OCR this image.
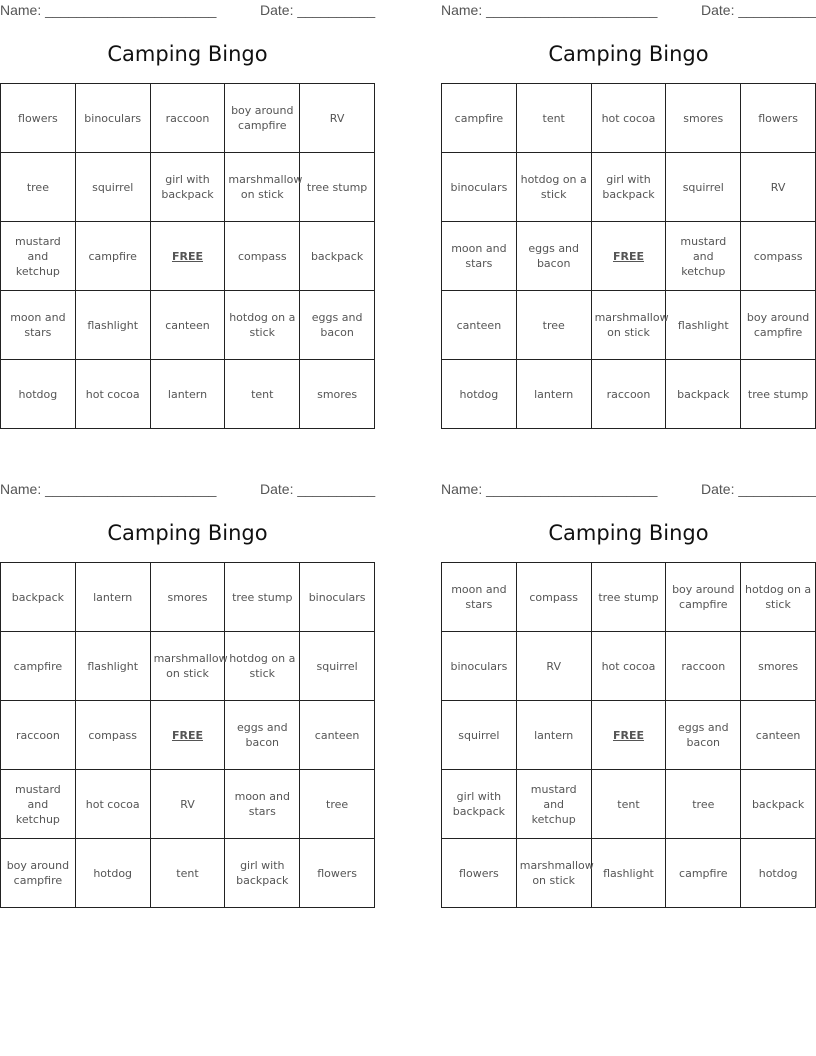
Name: ______________________	Date: __________
Camping Bingo
flowers	binoculars	raccoon	boy around campfire	RV
tree	squirrel	girl with backpack	marshmallow on stick	tree stump
mustard and ketchup	campfire	FREE	compass	backpack
moon and stars	flashlight	canteen	hotdog on a stick	eggs and bacon
hotdog	hot cocoa	lantern	tent	smores
Name: ______________________	Date: __________
Camping Bingo
campfire	tent	hot cocoa	smores	flowers
binoculars	hotdog on a stick	girl with backpack	squirrel	RV
moon and stars	eggs and bacon	FREE	mustard and ketchup	compass
canteen	tree	marshmallow on stick	flashlight	boy around campfire
hotdog	lantern	raccoon	backpack	tree stump
Name: ______________________	Date: __________
Camping Bingo
backpack	lantern	smores	tree stump	binoculars
campfire	flashlight	marshmallow on stick	hotdog on a stick	squirrel
raccoon	compass	FREE	eggs and bacon	canteen
mustard and ketchup	hot cocoa	RV	moon and stars	tree
boy around campfire	hotdog	tent	girl with backpack	flowers
Name: ______________________	Date: __________
Camping Bingo
moon and stars	compass	tree stump	boy around campfire	hotdog on a stick
binoculars	RV	hot cocoa	raccoon	smores
squirrel	lantern	FREE	eggs and bacon	canteen
girl with backpack	mustard and ketchup	tent	tree	backpack
flowers	marshmallow on stick	flashlight	campfire	hotdog
